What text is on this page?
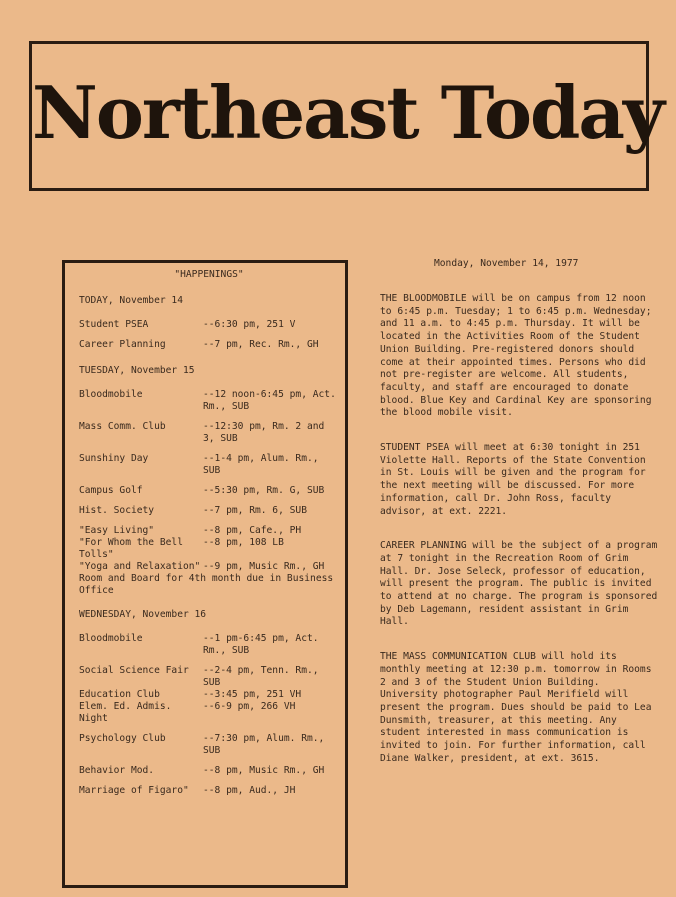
Northeast Today
Monday, November 14, 1977
"HAPPENINGS"
TODAY, November 14
Student PSEA	--6:30 pm, 251 V
Career Planning	--7 pm, Rec. Rm., GH
TUESDAY, November 15
Bloodmobile	--12 noon-6:45 pm, Act. Rm., SUB
Mass Comm. Club	--12:30 pm, Rm. 2 and 3, SUB
Sunshiny Day	--1-4 pm, Alum. Rm., SUB
Campus Golf	--5:30 pm, Rm. G, SUB
Hist. Society	--7 pm, Rm. 6, SUB
"Easy Living"	--8 pm, Cafe., PH
"For Whom the Bell Tolls"
--8 pm, 108 LB
"Yoga and Relaxation" --9 pm, Music Rm., GH
Room and Board for 4th month due in Business Office
WEDNESDAY, November 16
Bloodmobile	--1 pm-6:45 pm, Act. Rm., SUB
Social Science Fair	--2-4 pm, Tenn. Rm., SUB
Education Club	--3:45 pm, 251 VH
Elem. Ed. Admis. Night
--6-9 pm, 266 VH
Psychology Club	--7:30 pm, Alum. Rm., SUB
Behavior Mod.	--8 pm, Music Rm., GH
Marriage of Figaro"	--8 pm, Aud., JH

THE BLOODMOBILE will be on campus from 12 noon to 6:45 p.m. Tuesday; 1 to 6:45 p.m. Wednesday; and 11 a.m. to 4:45 p.m. Thursday. It will be located in the Activities Room of the Student Union Building. Pre-registered donors should come at their appointed times. Persons who did not pre-register are welcome. All students, faculty, and staff are encouraged to donate blood. Blue Key and Cardinal Key are sponsoring the blood mobile visit.

STUDENT PSEA will meet at 6:30 tonight in 251 Violette Hall. Reports of the State Convention in St. Louis will be given and the program for the next meeting will be discussed. For more information, call Dr. John Ross, faculty advisor, at ext. 2221.

CAREER PLANNING will be the subject of a program at 7 tonight in the Recreation Room of Grim Hall. Dr. Jose Seleck, professor of education, will present the program. The public is invited to attend at no charge. The program is sponsored by Deb Lagemann, resident assistant in Grim Hall.

THE MASS COMMUNICATION CLUB will hold its monthly meeting at 12:30 p.m. tomorrow in Rooms 2 and 3 of the Student Union Building. University photographer Paul Merifield will present the program. Dues should be paid to Lea Dunsmith, treasurer, at this meeting. Any student interested in mass communication is invited to join. For further information, call Diane Walker, president, at ext. 3615.
